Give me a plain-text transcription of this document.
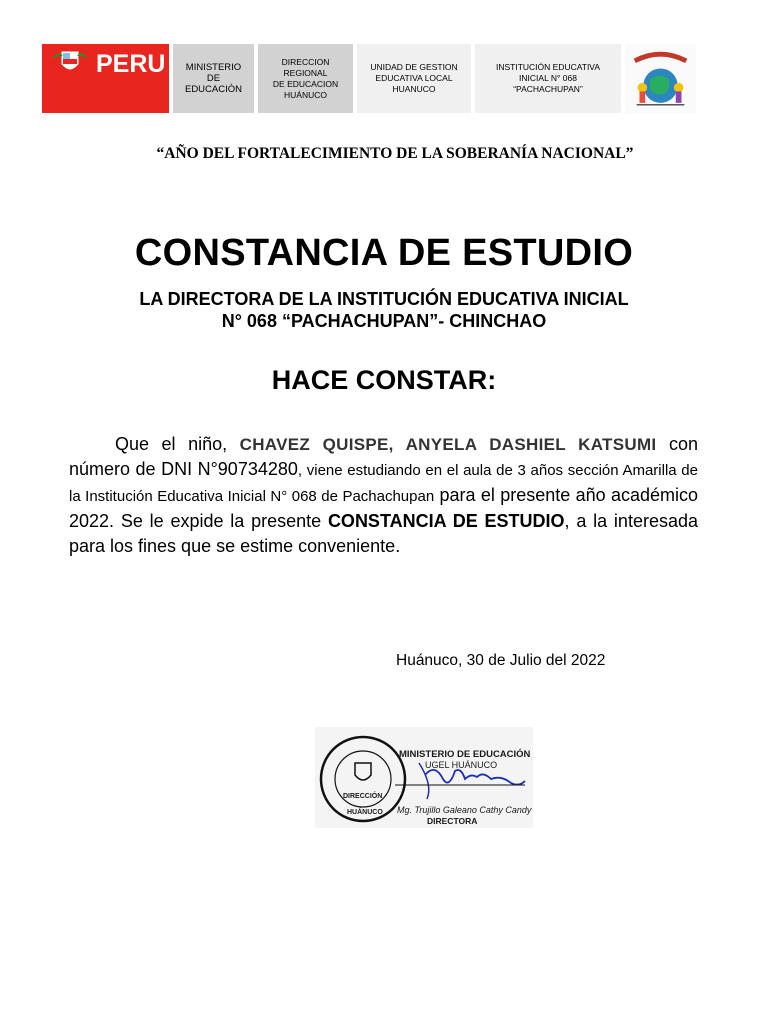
PERU MINISTERIO
DE
EDUCACIÒN
DIRECCION
REGIONAL
DE EDUCACION
HUÁNUCO
UNIDAD DE GESTION
EDUCATIVA LOCAL
HUANUCO
INSTITUCIÓN EDUCATIVA
INICIAL N° 068
“PACHACHUPAN”
“AÑO DEL FORTALECIMIENTO DE LA SOBERANÍA NACIONAL”
CONSTANCIA DE ESTUDIO
LA DIRECTORA DE LA INSTITUCIÓN EDUCATIVA INICIAL
N° 068 “PACHACHUPAN”- CHINCHAO
HACE CONSTAR:
Que el niño, CHAVEZ QUISPE, ANYELA DASHIEL KATSUMI con número de DNI N°90734280, viene estudiando en el aula de 3 años sección Amarilla de la Institución Educativa Inicial N° 068 de Pachachupan para el presente año académico 2022. Se le expide la presente CONSTANCIA DE ESTUDIO, a la interesada para los fines que se estime conveniente.
Huánuco, 30 de Julio del 2022
DIRECCIÓN
HUÁNUCO
MINISTERIO DE EDUCACIÓN
UGEL HUÁNUCO
Mg. Trujillo Galeano Cathy Candy
DIRECTORA
